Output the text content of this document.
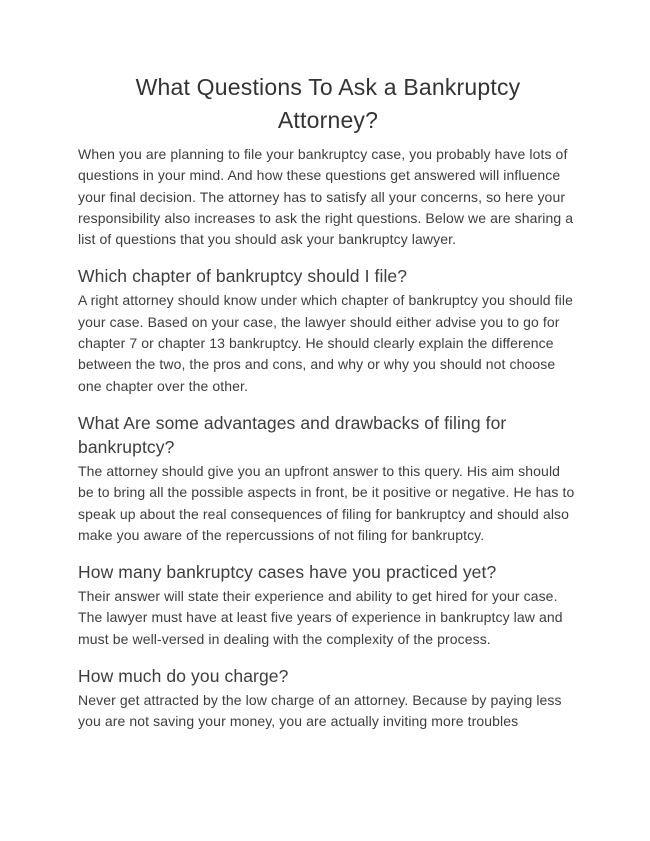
What Questions To Ask a Bankruptcy
Attorney?

When you are planning to file your bankruptcy case, you probably have lots of questions in your mind. And how these questions get answered will influence your final decision. The attorney has to satisfy all your concerns, so here your responsibility also increases to ask the right questions. Below we are sharing a list of questions that you should ask your bankruptcy lawyer.

Which chapter of bankruptcy should I file?

A right attorney should know under which chapter of bankruptcy you should file your case. Based on your case, the lawyer should either advise you to go for chapter 7 or chapter 13 bankruptcy. He should clearly explain the difference between the two, the pros and cons, and why or why you should not choose one chapter over the other.

What Are some advantages and drawbacks of filing for bankruptcy?

The attorney should give you an upfront answer to this query. His aim should be to bring all the possible aspects in front, be it positive or negative. He has to speak up about the real consequences of filing for bankruptcy and should also make you aware of the repercussions of not filing for bankruptcy.

How many bankruptcy cases have you practiced yet?

Their answer will state their experience and ability to get hired for your case. The lawyer must have at least five years of experience in bankruptcy law and must be well-versed in dealing with the complexity of the process.

How much do you charge?

Never get attracted by the low charge of an attorney. Because by paying less you are not saving your money, you are actually inviting more troubles
